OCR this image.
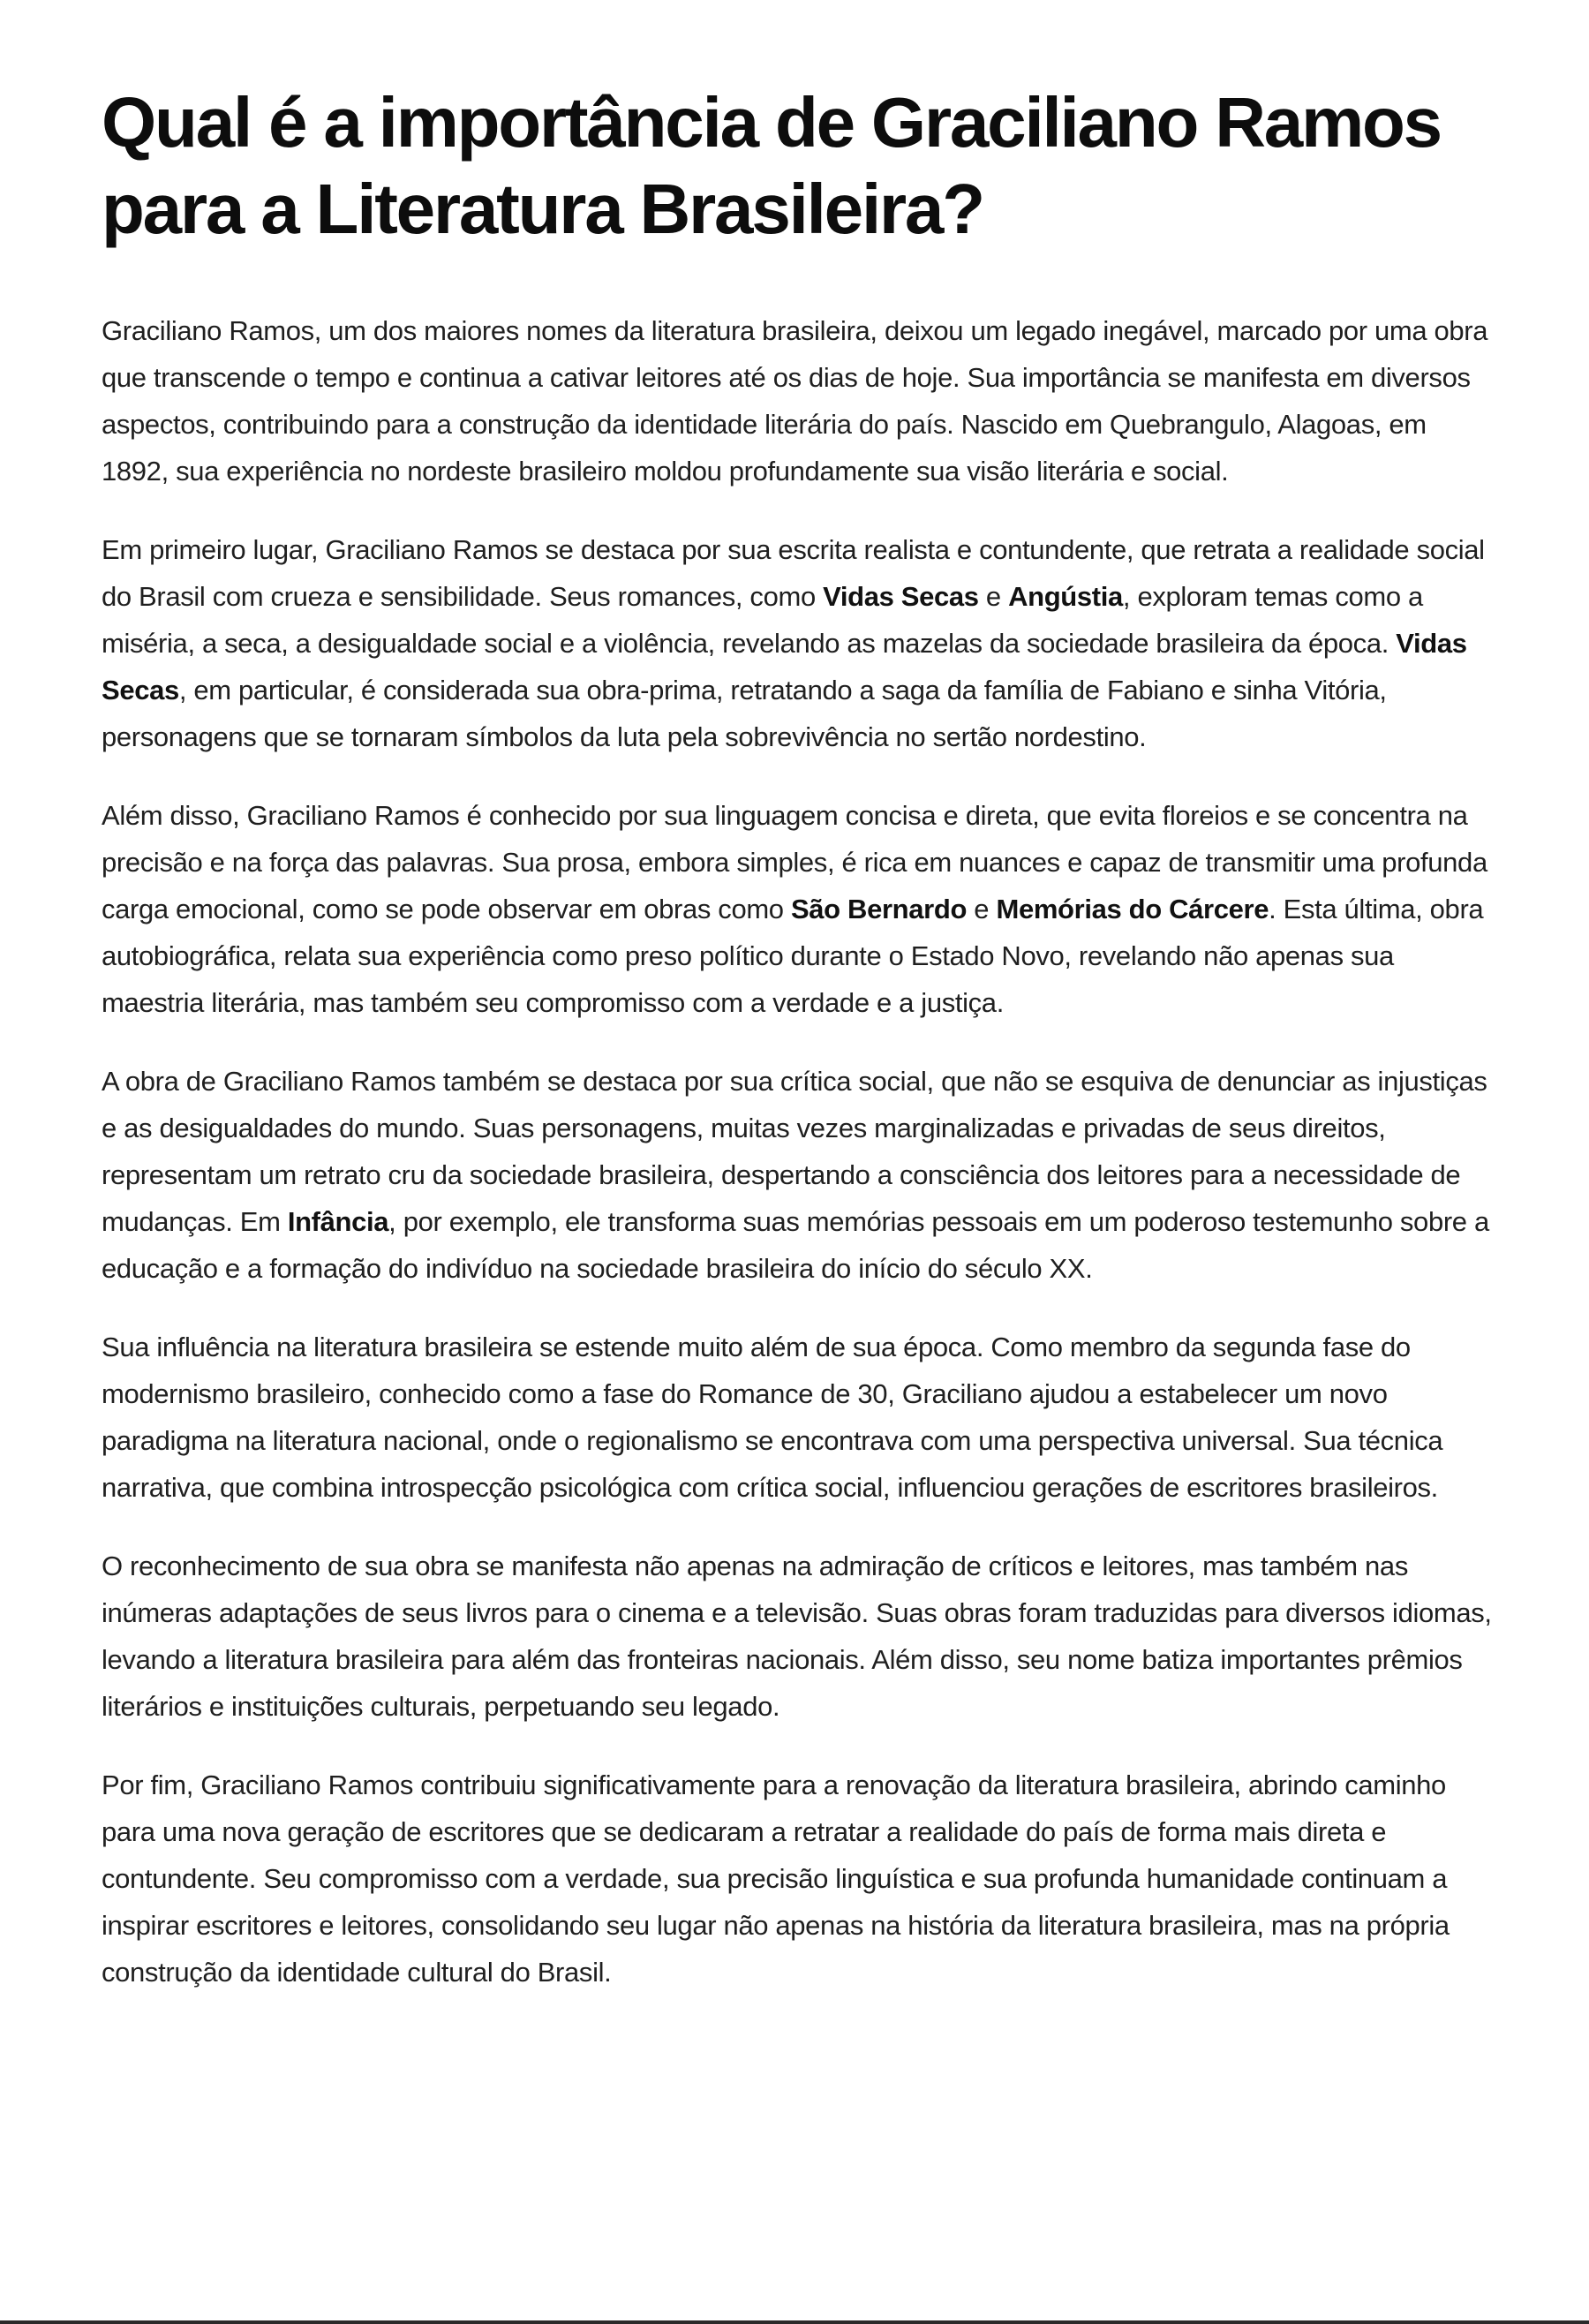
Qual é a importância de Graciliano Ramos para a Literatura Brasileira?

Graciliano Ramos, um dos maiores nomes da literatura brasileira, deixou um legado inegável, marcado por uma obra que transcende o tempo e continua a cativar leitores até os dias de hoje. Sua importância se manifesta em diversos aspectos, contribuindo para a construção da identidade literária do país. Nascido em Quebrangulo, Alagoas, em 1892, sua experiência no nordeste brasileiro moldou profundamente sua visão literária e social.

Em primeiro lugar, Graciliano Ramos se destaca por sua escrita realista e contundente, que retrata a realidade social do Brasil com crueza e sensibilidade. Seus romances, como Vidas Secas e Angústia, exploram temas como a miséria, a seca, a desigualdade social e a violência, revelando as mazelas da sociedade brasileira da época. Vidas Secas, em particular, é considerada sua obra-prima, retratando a saga da família de Fabiano e sinha Vitória, personagens que se tornaram símbolos da luta pela sobrevivência no sertão nordestino.

Além disso, Graciliano Ramos é conhecido por sua linguagem concisa e direta, que evita floreios e se concentra na precisão e na força das palavras. Sua prosa, embora simples, é rica em nuances e capaz de transmitir uma profunda carga emocional, como se pode observar em obras como São Bernardo e Memórias do Cárcere. Esta última, obra autobiográfica, relata sua experiência como preso político durante o Estado Novo, revelando não apenas sua maestria literária, mas também seu compromisso com a verdade e a justiça.

A obra de Graciliano Ramos também se destaca por sua crítica social, que não se esquiva de denunciar as injustiças e as desigualdades do mundo. Suas personagens, muitas vezes marginalizadas e privadas de seus direitos, representam um retrato cru da sociedade brasileira, despertando a consciência dos leitores para a necessidade de mudanças. Em Infância, por exemplo, ele transforma suas memórias pessoais em um poderoso testemunho sobre a educação e a formação do indivíduo na sociedade brasileira do início do século XX.

Sua influência na literatura brasileira se estende muito além de sua época. Como membro da segunda fase do modernismo brasileiro, conhecido como a fase do Romance de 30, Graciliano ajudou a estabelecer um novo paradigma na literatura nacional, onde o regionalismo se encontrava com uma perspectiva universal. Sua técnica narrativa, que combina introspecção psicológica com crítica social, influenciou gerações de escritores brasileiros.

O reconhecimento de sua obra se manifesta não apenas na admiração de críticos e leitores, mas também nas inúmeras adaptações de seus livros para o cinema e a televisão. Suas obras foram traduzidas para diversos idiomas, levando a literatura brasileira para além das fronteiras nacionais. Além disso, seu nome batiza importantes prêmios literários e instituições culturais, perpetuando seu legado.

Por fim, Graciliano Ramos contribuiu significativamente para a renovação da literatura brasileira, abrindo caminho para uma nova geração de escritores que se dedicaram a retratar a realidade do país de forma mais direta e contundente. Seu compromisso com a verdade, sua precisão linguística e sua profunda humanidade continuam a inspirar escritores e leitores, consolidando seu lugar não apenas na história da literatura brasileira, mas na própria construção da identidade cultural do Brasil.
